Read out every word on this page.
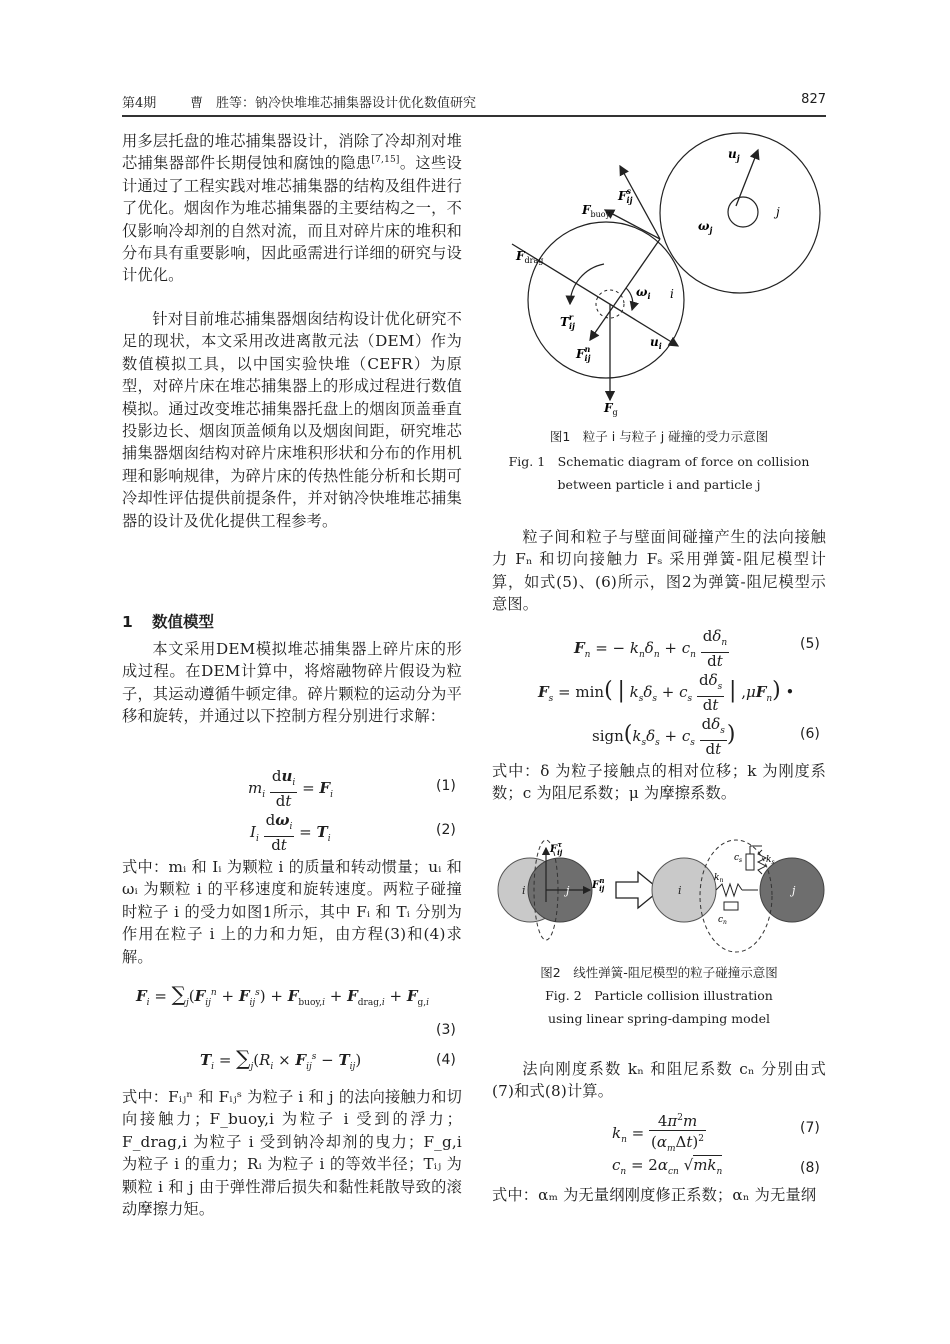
第4期	曹　胜等：钠冷快堆堆芯捕集器设计优化数值研究	827

用多层托盘的堆芯捕集器设计，消除了冷却剂对堆芯捕集器部件长期侵蚀和腐蚀的隐患[7,15]。这些设计通过了工程实践对堆芯捕集器的结构及组件进行了优化。烟囱作为堆芯捕集器的主要结构之一，不仅影响冷却剂的自然对流，而且对碎片床的堆积和分布具有重要影响，因此亟需进行详细的研究与设计优化。

针对目前堆芯捕集器烟囱结构设计优化研究不足的现状，本文采用改进离散元法（DEM）作为数值模拟工具，以中国实验快堆（CEFR）为原型，对碎片床在堆芯捕集器上的形成过程进行数值模拟。通过改变堆芯捕集器托盘上的烟囱顶盖垂直投影边长、烟囱顶盖倾角以及烟囱间距，研究堆芯捕集器烟囱结构对碎片床堆积形状和分布的作用机理和影响规律，为碎片床的传热性能分析和长期可冷却性评估提供前提条件，并对钠冷快堆堆芯捕集器的设计及优化提供工程参考。

1 数值模型

本文采用DEM模拟堆芯捕集器上碎片床的形成过程。在DEM计算中，将熔融物碎片假设为粒子，其运动遵循牛顿定律。碎片颗粒的运动分为平移和旋转，并通过以下控制方程分别进行求解：

$m_i \frac{du_i}{dt} = F_i$
(1)
$I_i \frac{d\omega_i}{dt} = T_i$
(2)

式中：mᵢ 和 Iᵢ 为颗粒 i 的质量和转动惯量；uᵢ 和ωᵢ 为颗粒 i 的平移速度和旋转速度。两粒子碰撞时粒子 i 的受力如图1所示，其中 Fᵢ 和 Tᵢ 分别为作用在粒子 i 上的力和力矩，由方程(3)和(4)求解。

$F_i = \sum_j(F_{ij}^n + F_{ij}^s) + F_{buoy,i} + F_{drag,i} + F_{g,i}$
(3)
$T_i = \sum_j(R_i \times F_{ij}^s - T_{ij})$	(4)

式中：Fᵢⱼⁿ 和 Fᵢⱼˢ 为粒子 i 和 j 的法向接触力和切向接触力；F_buoy,i 为粒子 i 受到的浮力；F_drag,i 为粒子 i 受到钠冷却剂的曳力；F_g,i 为粒子 i 的重力；Rᵢ 为粒子 i 的等效半径；Tᵢⱼ 为颗粒 i 和 j 由于弹性滞后损失和黏性耗散导致的滚动摩擦力矩。

$u_j$
$F_{ij}s$
$F_{buoy}$
$F_{drag}$
$\omega_j$
j
$\omega_i$ i
$T_{ij}r$
$F_{ij}n$	$u_i$
$F_g$
图1　粒子 i 与粒子 j 碰撞的受力示意图
Fig. 1　Schematic diagram of force on collision
between particle i and particle j

粒子间和粒子与壁面间碰撞产生的法向接触力 Fₙ 和切向接触力 Fₛ 采用弹簧-阻尼模型计算，如式(5)、(6)所示，图2为弹簧-阻尼模型示意图。

$F_n$ = − $k_n\delta_n + c_n \frac{d\delta_n}{dt}$	(5)
$F_s = \min$( | $k_s\delta_s + c_s \frac{d\delta_s}{dt}$ | $,\mu F_n$) •
$sign(k_s\delta_s + c_s \frac{d\delta_s}{dt}$ )	(6)

式中：δ 为粒子接触点的相对位移；k 为刚度系数；c 为阻尼系数；μ 为摩擦系数。

$F_{ij}\tau$
$F_{ij}n$
i	j
$k_n$
$c_n$
$c_s$	$k_s$
i	j
图2　线性弹簧-阻尼模型的粒子碰撞示意图
Fig. 2　Particle collision illustration
using linear spring-damping model

法向刚度系数 kₙ 和阻尼系数 cₙ 分别由式(7)和式(8)计算。

$k_n = \frac{4\pi^2m}{(\alpha_m\Delta t)^2}$	(7)
$c_n = 2\alpha_{cn}$ $√mk_n$	(8)

式中：αₘ 为无量纲刚度修正系数；αₙ 为无量纲
